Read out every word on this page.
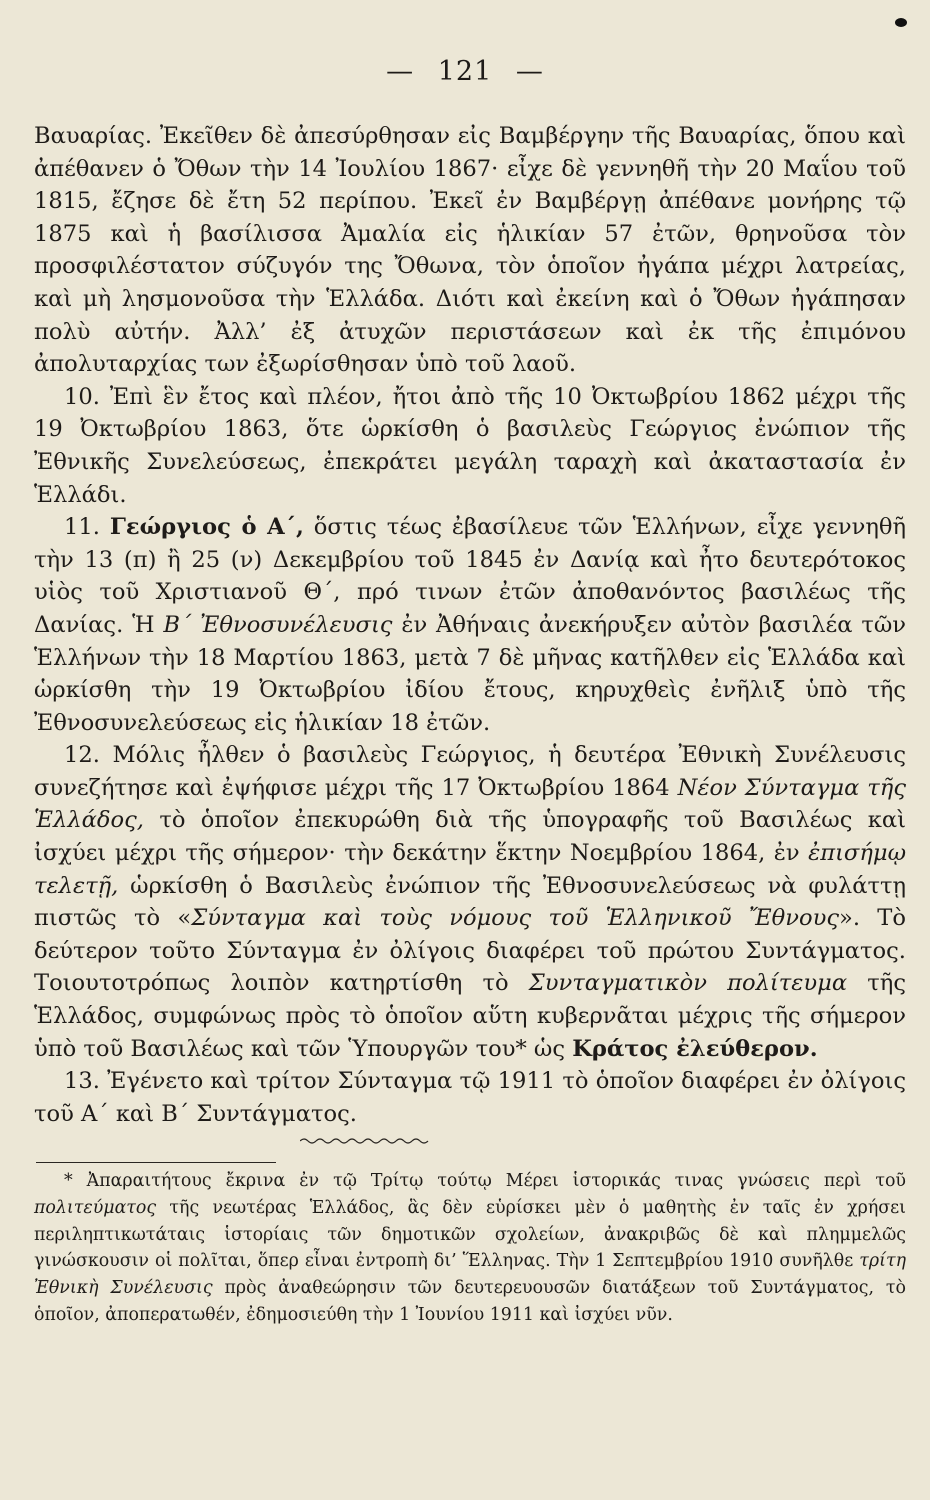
— 121 —

Βαυαρίας. Ἐκεῖθεν δὲ ἀπεσύρθησαν εἰς Βαμβέργην τῆς Βαυαρίας, ὅπου καὶ ἀπέθανεν ὁ Ὄθων τὴν 14 Ἰουλίου 1867· εἶχε δὲ γεννηθῆ τὴν 20 Μαΐου τοῦ 1815, ἔζησε δὲ ἔτη 52 περίπου. Ἐκεῖ ἐν Βαμβέργῃ ἀπέθανε μονήρης τῷ 1875 καὶ ἡ βασίλισσα Ἀμαλία εἰς ἡλικίαν 57 ἐτῶν, θρηνοῦσα τὸν προσφιλέστατον σύζυγόν της Ὄθωνα, τὸν ὁποῖον ἠγάπα μέχρι λατρείας, καὶ μὴ λησμονοῦσα τὴν Ἑλλάδα. Διότι καὶ ἐκείνη καὶ ὁ Ὄθων ἠγάπησαν πολὺ αὐτήν. Ἀλλ’ ἐξ ἀτυχῶν περιστάσεων καὶ ἐκ τῆς ἐπιμόνου ἀπολυταρχίας των ἐξωρίσθησαν ὑπὸ τοῦ λαοῦ.

10. Ἐπὶ ἓν ἔτος καὶ πλέον, ἤτοι ἀπὸ τῆς 10 Ὀκτωβρίου 1862 μέχρι τῆς 19 Ὀκτωβρίου 1863, ὅτε ὡρκίσθη ὁ βασιλεὺς Γεώργιος ἐνώπιον τῆς Ἐθνικῆς Συνελεύσεως, ἐπεκράτει μεγάλη ταραχὴ καὶ ἀκαταστασία ἐν Ἑλλάδι.

11. Γεώργιος ὁ Α΄, ὅστις τέως ἐβασίλευε τῶν Ἑλλήνων, εἶχε γεννηθῆ τὴν 13 (π) ἢ 25 (ν) Δεκεμβρίου τοῦ 1845 ἐν Δανίᾳ καὶ ἦτο δευτερότοκος υἱὸς τοῦ Χριστιανοῦ Θ΄, πρό τινων ἐτῶν ἀποθανόντος βασιλέως τῆς Δανίας. Ἡ Β΄ Ἐθνοσυνέλευσις ἐν Ἀθήναις ἀνεκήρυξεν αὐτὸν βασιλέα τῶν Ἑλλήνων τὴν 18 Μαρτίου 1863, μετὰ 7 δὲ μῆνας κατῆλθεν εἰς Ἑλλάδα καὶ ὡρκίσθη τὴν 19 Ὀκτωβρίου ἰδίου ἔτους, κηρυχθεὶς ἐνῆλιξ ὑπὸ τῆς Ἐθνοσυνελεύσεως εἰς ἡλικίαν 18 ἐτῶν.

12. Μόλις ἦλθεν ὁ βασιλεὺς Γεώργιος, ἡ δευτέρα Ἐθνικὴ Συνέλευσις συνεζήτησε καὶ ἐψήφισε μέχρι τῆς 17 Ὀκτωβρίου 1864 Νέον Σύνταγμα τῆς Ἑλλάδος, τὸ ὁποῖον ἐπεκυρώθη διὰ τῆς ὑπογραφῆς τοῦ Βασιλέως καὶ ἰσχύει μέχρι τῆς σήμερον· τὴν δεκάτην ἕκτην Νοεμβρίου 1864, ἐν ἐπισήμῳ τελετῇ, ὡρκίσθη ὁ Βασιλεὺς ἐνώπιον τῆς Ἐθνοσυνελεύσεως νὰ φυλάττῃ πιστῶς τὸ «Σύνταγμα καὶ τοὺς νόμους τοῦ Ἑλληνικοῦ Ἔθνους». Τὸ δεύτερον τοῦτο Σύνταγμα ἐν ὀλίγοις διαφέρει τοῦ πρώτου Συντάγματος. Τοιουτοτρόπως λοιπὸν κατηρτίσθη τὸ Συνταγματικὸν πολίτευμα τῆς Ἑλλάδος, συμφώνως πρὸς τὸ ὁποῖον αὕτη κυβερνᾶται μέχρις τῆς σήμερον ὑπὸ τοῦ Βασιλέως καὶ τῶν Ὑπουργῶν του* ὡς Κράτος ἐλεύθερον.

13. Ἐγένετο καὶ τρίτον Σύνταγμα τῷ 1911 τὸ ὁποῖον διαφέρει ἐν ὀλίγοις τοῦ Α΄ καὶ Β΄ Συντάγματος.

* Ἀπαραιτήτους ἔκρινα ἐν τῷ Τρίτῳ τούτῳ Μέρει ἱστορικάς τινας γνώσεις περὶ τοῦ πολιτεύματος τῆς νεωτέρας Ἑλλάδος, ἃς δὲν εὑρίσκει μὲν ὁ μαθητὴς ἐν ταῖς ἐν χρήσει περιληπτικωτάταις ἱστορίαις τῶν δημοτικῶν σχολείων, ἀνακριβῶς δὲ καὶ πλημμελῶς γινώσκουσιν οἱ πολῖται, ὅπερ εἶναι ἐντροπὴ δι’ Ἕλληνας. Τὴν 1 Σεπτεμβρίου 1910 συνῆλθε τρίτη Ἐθνικὴ Συνέλευσις πρὸς ἀναθεώρησιν τῶν δευτερευουσῶν διατάξεων τοῦ Συντάγματος, τὸ ὁποῖον, ἀποπερατωθέν, ἐδημοσιεύθη τὴν 1 Ἰουνίου 1911 καὶ ἰσχύει νῦν.
